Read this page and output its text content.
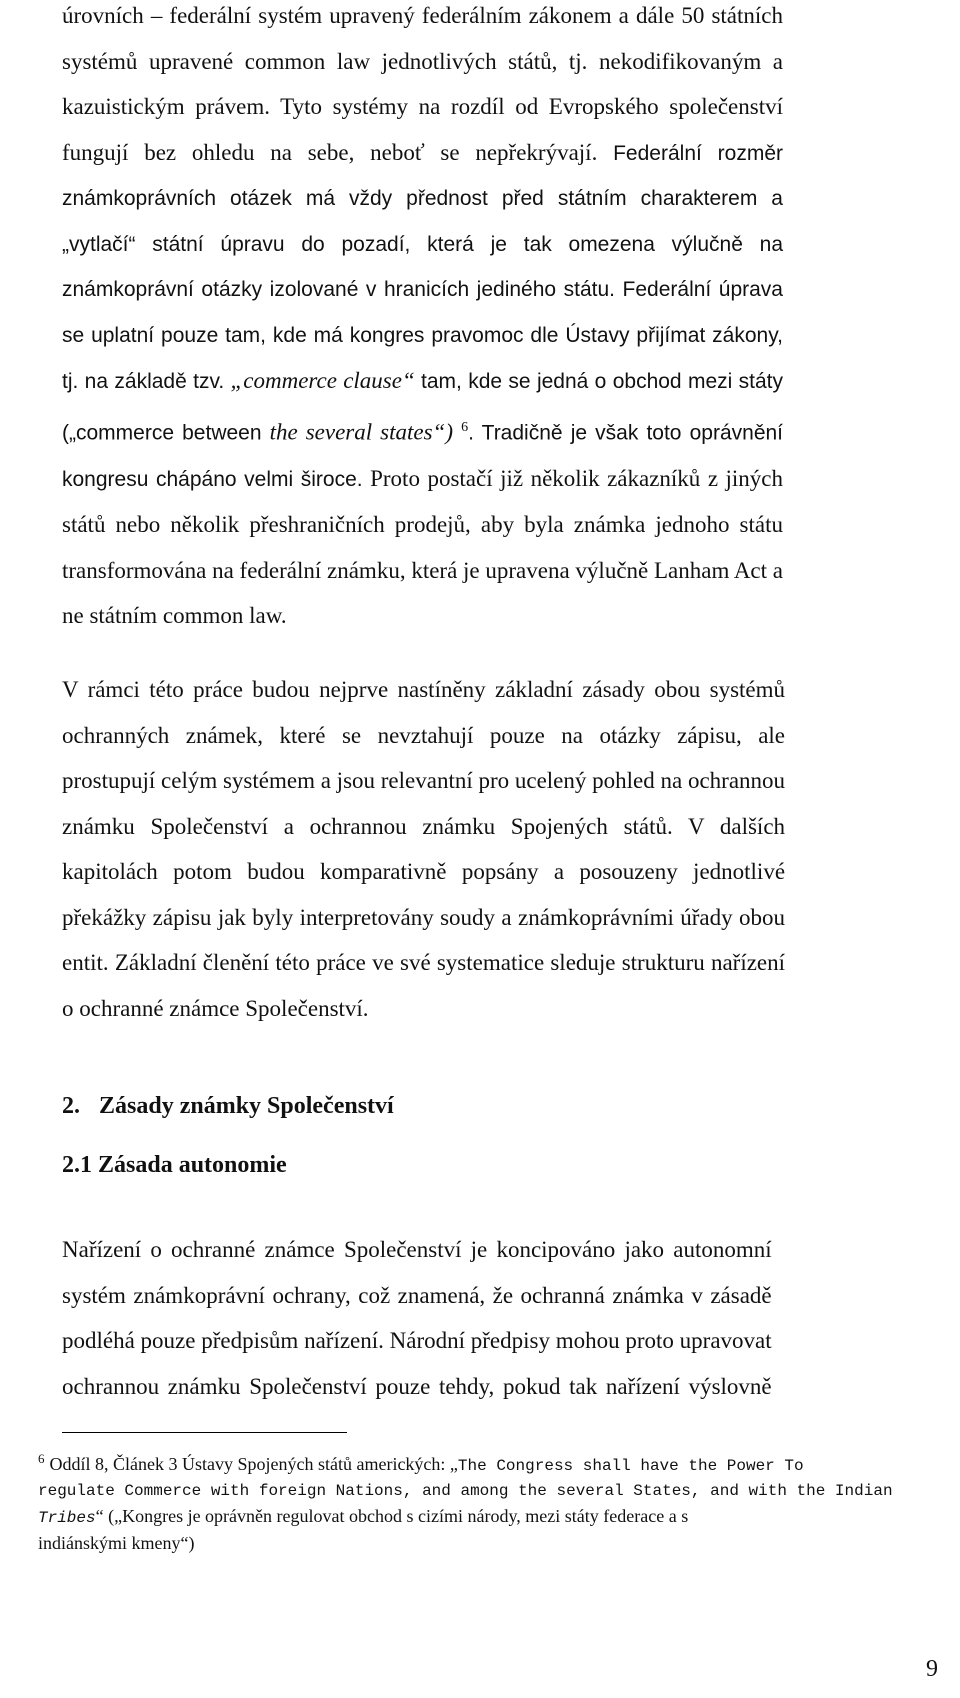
úrovních – federální systém upravený federálním zákonem a dále 50 státních
systémů upravené common law jednotlivých států, tj. nekodifikovaným a
kazuistickým právem. Tyto systémy na rozdíl od Evropského společenství
fungují bez ohledu na sebe, neboť se nepřekrývají. Federální rozměr
známkoprávních otázek má vždy přednost před státním charakterem a
„vytlačí“ státní úpravu do pozadí, která je tak omezena výlučně na
známkoprávní otázky izolované v hranicích jediného státu. Federální úprava
se uplatní pouze tam, kde má kongres pravomoc dle Ústavy přijímat zákony,
tj. na základě tzv. „commerce clause“ tam, kde se jedná o obchod mezi státy
(„commerce between the several states“) $^6$. Tradičně je však toto oprávnění
kongresu chápáno velmi široce. Proto postačí již několik zákazníků z jiných
států nebo několik přeshraničních prodejů, aby byla známka jednoho státu
transformována na federální známku, která je upravena výlučně Lanham Act a
ne státním common law.
V rámci této práce budou nejprve nastíněny základní zásady obou systémů
ochranných známek, které se nevztahují pouze na otázky zápisu, ale
prostupují celým systémem a jsou relevantní pro ucelený pohled na ochrannou
známku Společenství a ochrannou známku Spojených států. V dalších
kapitolách potom budou komparativně popsány a posouzeny jednotlivé
překážky zápisu jak byly interpretovány soudy a známkoprávními úřady obou
entit. Základní členění této práce ve své systematice sleduje strukturu nařízení
o ochranné známce Společenství.
2. Zásady známky Společenství
2.1 Zásada autonomie
Nařízení o ochranné známce Společenství je koncipováno jako autonomní
systém známkoprávní ochrany, což znamená, že ochranná známka v zásadě
podléhá pouze předpisům nařízení. Národní předpisy mohou proto upravovat
ochrannou známku Společenství pouze tehdy, pokud tak nařízení výslovně
$^6$ Oddíl 8, Článek 3 Ústavy Spojených států amerických: „The Congress shall have the Power To
regulate Commerce with foreign Nations, and among the several States, and with the Indian
Tribes“ („Kongres je oprávněn regulovat obchod s cizími národy, mezi státy federace a s
indiánskými kmeny“)

9
